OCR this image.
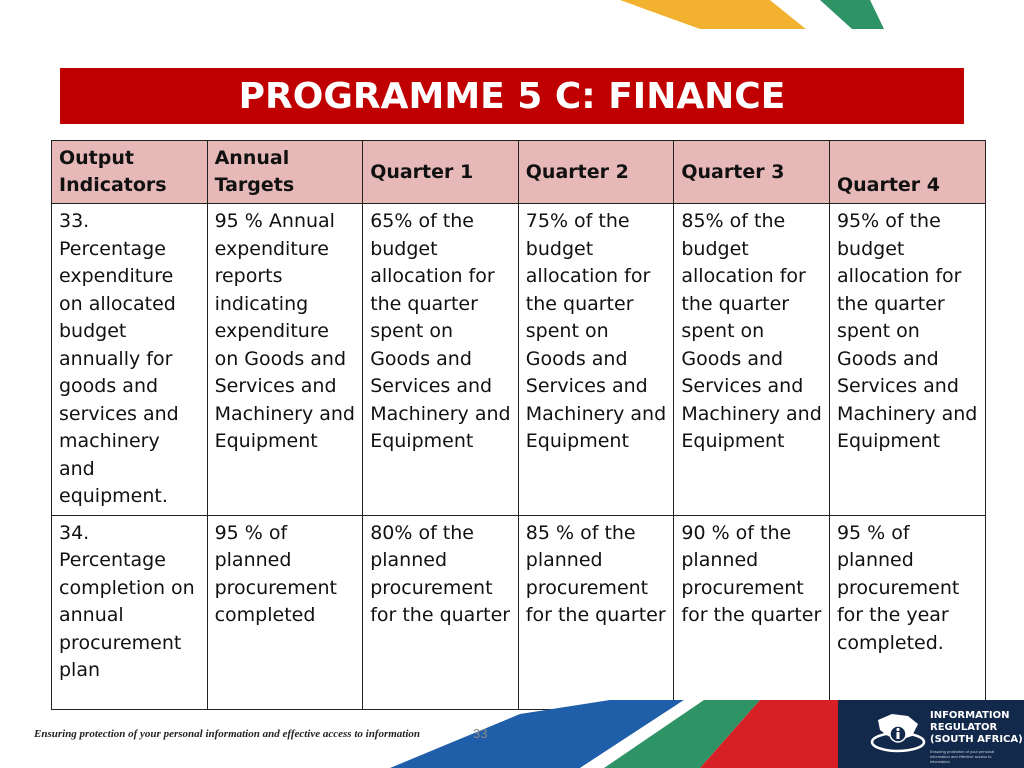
PROGRAMME 5 C: FINANCE
Output Indicators	Annual Targets	Quarter 1	Quarter 2	Quarter 3	Quarter 4
33. Percentage expenditure on allocated budget annually for goods and services and machinery and equipment.	95 % Annual expenditure reports indicating expenditure on Goods and Services and Machinery and Equipment	65% of the budget allocation for the quarter spent on Goods and Services and Machinery and Equipment	75% of the budget allocation for the quarter spent on Goods and Services and Machinery and Equipment	85% of the budget allocation for the quarter spent on Goods and Services and Machinery and Equipment	95% of the budget allocation for the quarter spent on Goods and Services and Machinery and Equipment
34. Percentage completion on annual procurement plan	95 % of planned procurement completed	80% of the planned procurement for the quarter	85 % of the planned procurement for the quarter	90 % of the planned procurement for the quarter	95 % of planned procurement for the year completed.
Ensuring protection of your personal information and effective access to information	33
INFORMATION
REGULATOR
(SOUTH AFRICA)
Ensuring protection of your personal information and effective access to information
